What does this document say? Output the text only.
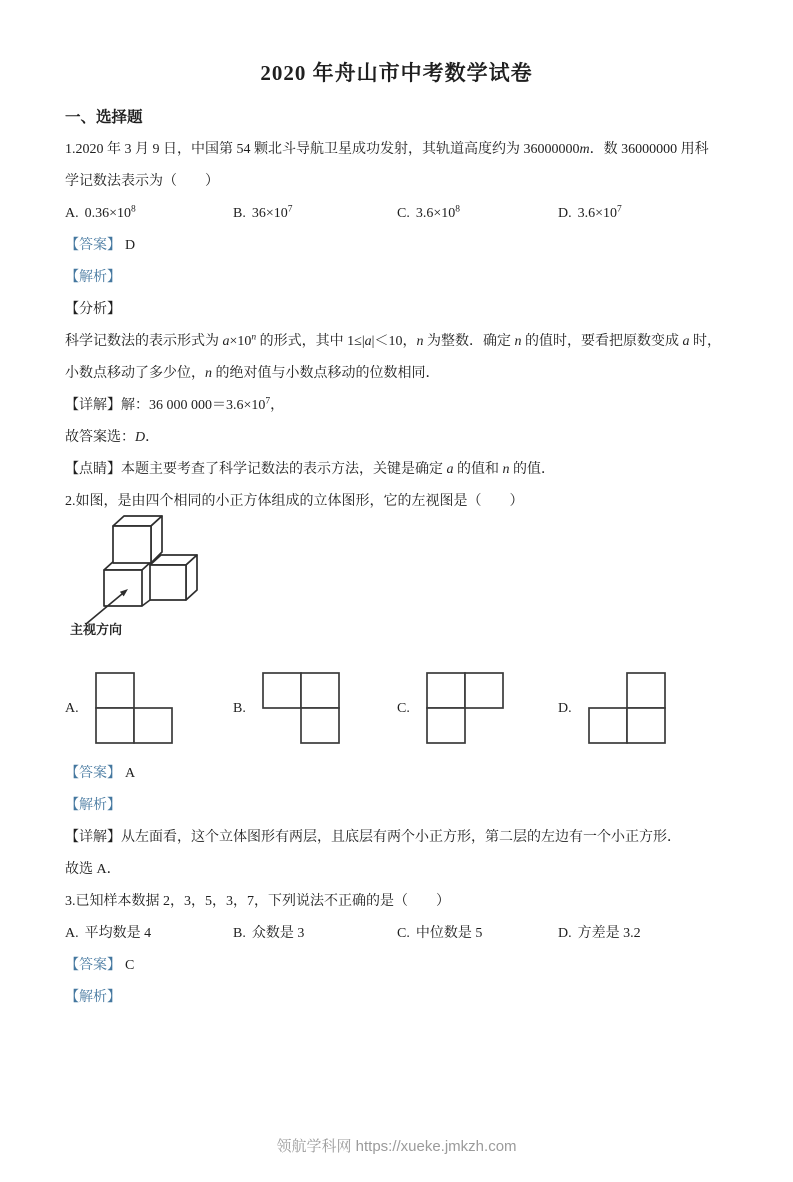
2020 年舟山市中考数学试卷
一、选择题
1.2020 年 3 月 9 日，中国第 54 颗北斗导航卫星成功发射，其轨道高度约为 36000000m．数 36000000 用科
学记数法表示为（　　）
A. $0.36\times 10^8$	B. $36\times 10^7$	C. $3.6\times 10^8$	D. $3.6\times 10^7$
【答案】 D
【解析】
【分析】
科学记数法的表示形式为 $a\times 10^n$ 的形式，其中 1≤|a|＜10，n 为整数．确定 n 的值时，要看把原数变成 a 时，
小数点移动了多少位，n 的绝对值与小数点移动的位数相同．
【详解】解：36 000 $000=3.6\times 10^7$，
故答案选：D．
【点睛】本题主要考查了科学记数法的表示方法，关键是确定 a 的值和 n 的值．
2.如图，是由四个相同的小正方体组成的立体图形，它的左视图是（　　）
主视方向
A.	B.	C.	D.
【答案】 A
【解析】
【详解】从左面看，这个立体图形有两层，且底层有两个小正方形，第二层的左边有一个小正方形．
故选 A．
3.已知样本数据 2，3，5，3，7，下列说法不正确的是（　　）
A. 平均数是 4	B. 众数是 3	C. 中位数是 5	D. 方差是 3.2
【答案】 C
【解析】
领航学科网 https://xueke.jmkzh.com
